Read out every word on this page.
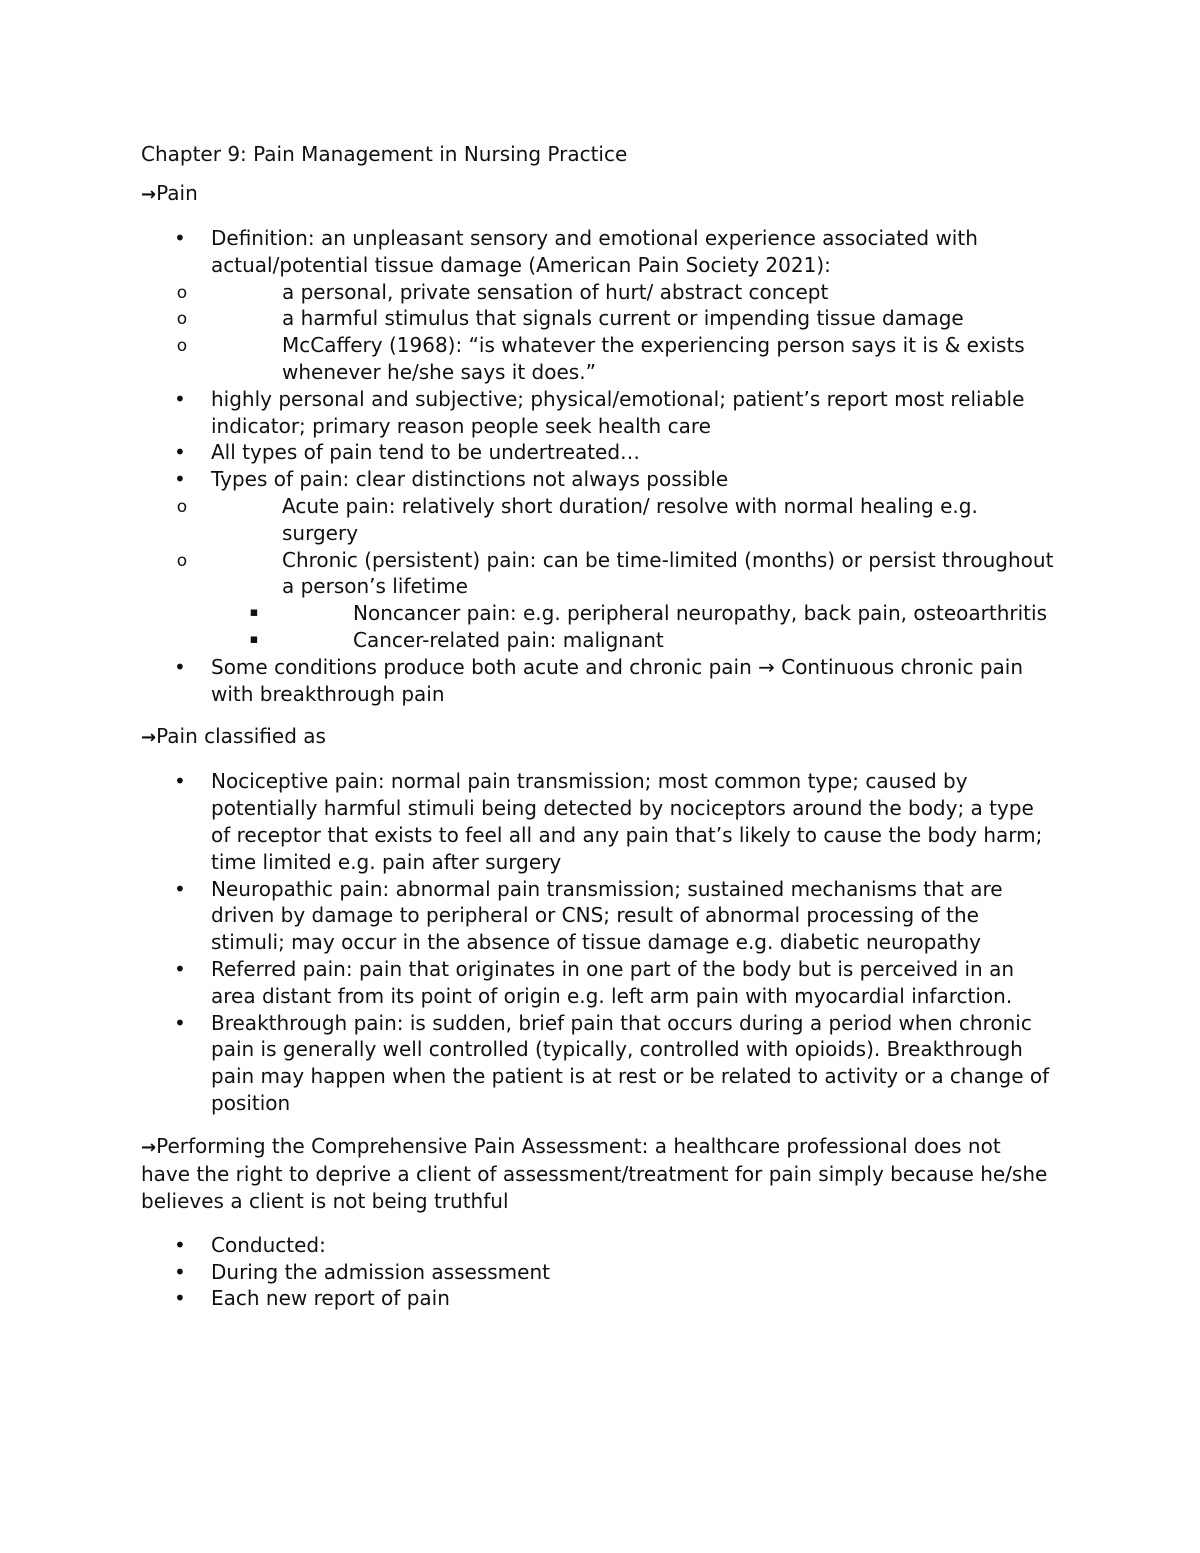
Chapter 9: Pain Management in Nursing Practice
→Pain
• Definition: an unpleasant sensory and emotional experience associated with actual/potential tissue damage (American Pain Society 2021):
o	a personal, private sensation of hurt/ abstract concept
o	a harmful stimulus that signals current or impending tissue damage
o	McCaffery (1968): “is whatever the experiencing person says it is & exists whenever he/she says it does.”
• highly personal and subjective; physical/emotional; patient’s report most reliable indicator; primary reason people seek health care
• All types of pain tend to be undertreated…
• Types of pain: clear distinctions not always possible
o	Acute pain: relatively short duration/ resolve with normal healing e.g. surgery
o	Chronic (persistent) pain: can be time-limited (months) or persist throughout a person’s lifetime
▪	Noncancer pain: e.g. peripheral neuropathy, back pain, osteoarthritis
▪	Cancer-related pain: malignant
• Some conditions produce both acute and chronic pain → Continuous chronic pain with breakthrough pain
→Pain classified as
• Nociceptive pain: normal pain transmission; most common type; caused by potentially harmful stimuli being detected by nociceptors around the body; a type of receptor that exists to feel all and any pain that’s likely to cause the body harm; time limited e.g. pain after surgery
• Neuropathic pain: abnormal pain transmission; sustained mechanisms that are driven by damage to peripheral or CNS; result of abnormal processing of the stimuli; may occur in the absence of tissue damage e.g. diabetic neuropathy
• Referred pain: pain that originates in one part of the body but is perceived in an area distant from its point of origin e.g. left arm pain with myocardial infarction.
• Breakthrough pain: is sudden, brief pain that occurs during a period when chronic pain is generally well controlled (typically, controlled with opioids). Breakthrough pain may happen when the patient is at rest or be related to activity or a change of position
→Performing the Comprehensive Pain Assessment: a healthcare professional does not have the right to deprive a client of assessment/treatment for pain simply because he/she believes a client is not being truthful
• Conducted:
• During the admission assessment
• Each new report of pain
